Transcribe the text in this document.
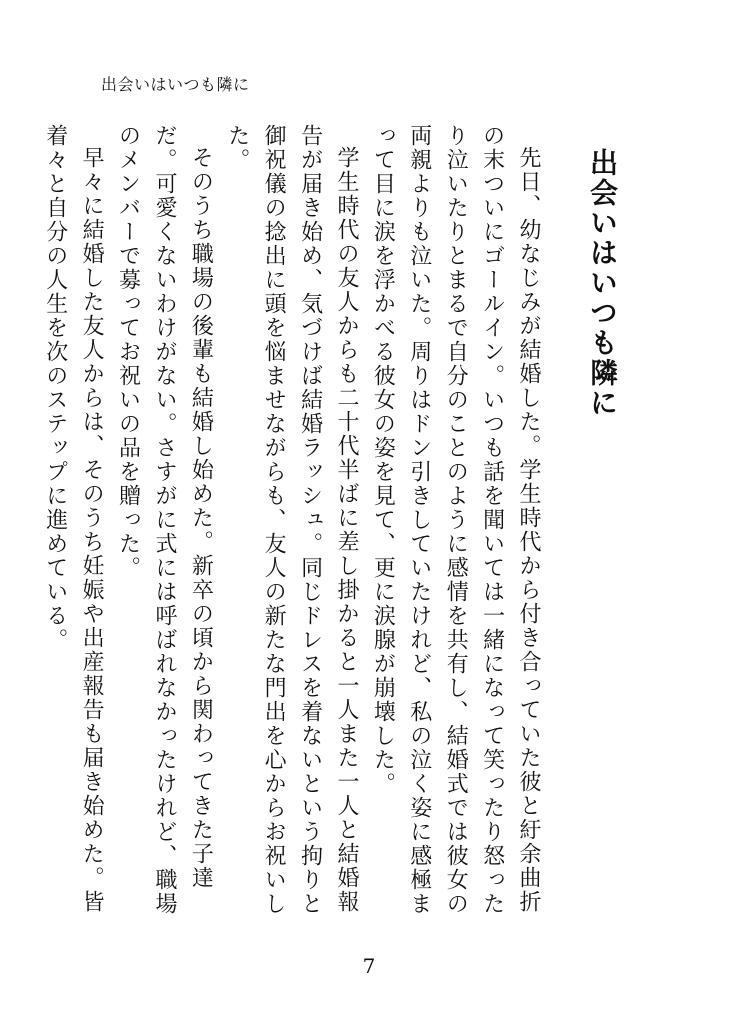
出会いはいつも隣に
出会いはいつも隣に

先日、幼なじみが結婚した。学生時代から付き合っていた彼と紆余曲折の末ついにゴールイン。いつも話を聞いては一緒になって笑ったり怒ったり泣いたりとまるで自分のことのように感情を共有し、結婚式では彼女の両親よりも泣いた。周りはドン引きしていたけれど、私の泣く姿に感極まって目に涙を浮かべる彼女の姿を見て、更に涙腺が崩壊した。

学生時代の友人からも二十代半ばに差し掛かると一人また一人と結婚報告が届き始め、気づけば結婚ラッシュ。同じドレスを着ないという拘りと御祝儀の捻出に頭を悩ませながらも、友人の新たな門出を心からお祝いした。

そのうち職場の後輩も結婚し始めた。新卒の頃から関わってきた子達だ。可愛くないわけがない。さすがに式には呼ばれなかったけれど、職場のメンバーで募ってお祝いの品を贈った。

早々に結婚した友人からは、そのうち妊娠や出産報告も届き始めた。皆着々と自分の人生を次のステップに進めている。

7
